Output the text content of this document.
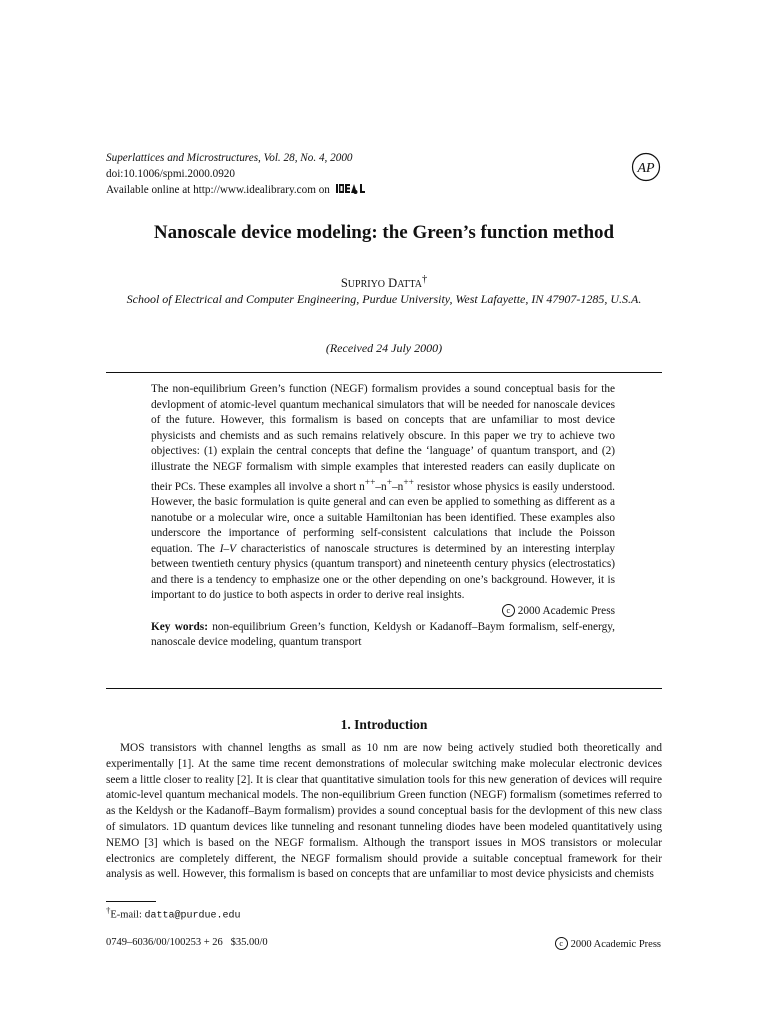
Superlattices and Microstructures, Vol. 28, No. 4, 2000
doi:10.1006/spmi.2000.0920
Available online at http://www.idealibrary.com on
AP
Nanoscale device modeling: the Green’s function method
SUPRIYO DATTA†
School of Electrical and Computer Engineering, Purdue University, West Lafayette, IN 47907-1285, U.S.A.
(Received 24 July 2000)

The non-equilibrium Green’s function (NEGF) formalism provides a sound conceptual basis for the devlopment of atomic-level quantum mechanical simulators that will be needed for nanoscale devices of the future. However, this formalism is based on concepts that are unfamiliar to most device physicists and chemists and as such remains relatively obscure. In this paper we try to achieve two objectives: (1) explain the central concepts that define the ‘language’ of quantum transport, and (2) illustrate the NEGF formalism with simple examples that interested readers can easily duplicate on their PCs. These examples all involve a short n++–n+–n++ resistor whose physics is easily understood. However, the basic formulation is quite general and can even be applied to something as different as a nanotube or a molecular wire, once a suitable Hamiltonian has been identified. These examples also underscore the importance of performing self-consistent calculations that include the Poisson equation. The I–V characteristics of nanoscale structures is determined by an interesting interplay between twentieth century physics (quantum transport) and nineteenth century physics (electrostatics) and there is a tendency to emphasize one or the other depending on one’s background. However, it is important to do justice to both aspects in order to derive real insights.

c 2000 Academic Press

Key words: non-equilibrium Green’s function, Keldysh or Kadanoff–Baym formalism, self-energy, nanoscale device modeling, quantum transport

1. Introduction

MOS transistors with channel lengths as small as 10 nm are now being actively studied both theoretically and experimentally [1]. At the same time recent demonstrations of molecular switching make molecular electronic devices seem a little closer to reality [2]. It is clear that quantitative simulation tools for this new generation of devices will require atomic-level quantum mechanical models. The non-equilibrium Green function (NEGF) formalism (sometimes referred to as the Keldysh or the Kadanoff–Baym formalism) provides a sound conceptual basis for the devlopment of this new class of simulators. 1D quantum devices like tunneling and resonant tunneling diodes have been modeled quantitatively using NEMO [3] which is based on the NEGF formalism. Although the transport issues in MOS transistors or molecular electronics are completely different, the NEGF formalism should provide a suitable conceptual framework for their analysis as well. However, this formalism is based on concepts that are unfamiliar to most device physicists and chemists

†E-mail: datta@purdue.edu
0749–6036/00/100253 + 26   $35.00/0	c 2000 Academic Press
